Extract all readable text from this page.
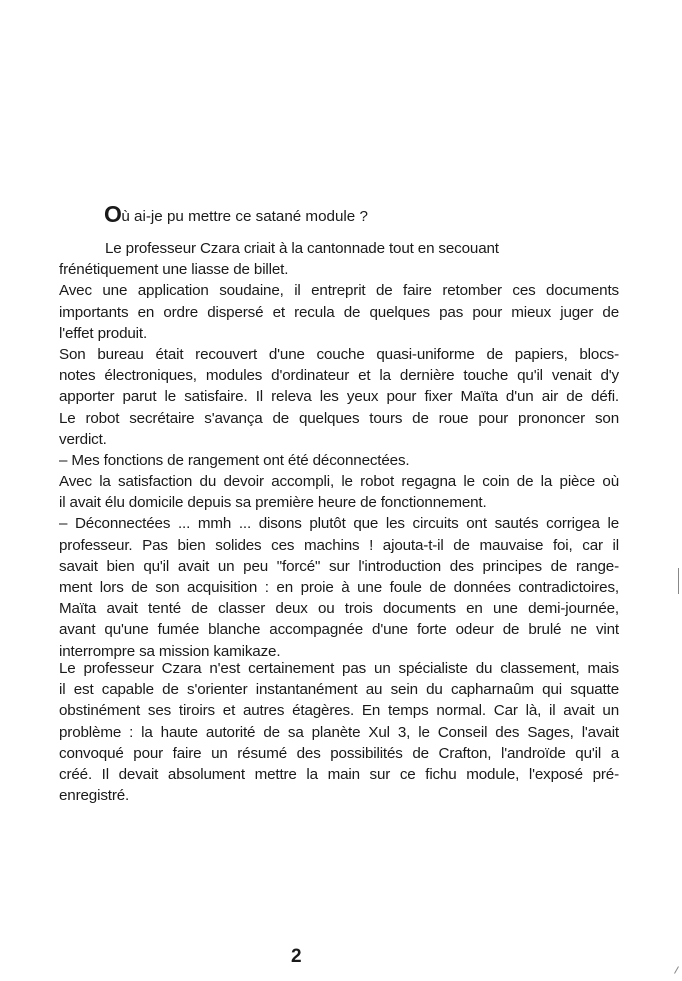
Où ai-je pu mettre ce satané module ?
Le professeur Czara criait à la cantonnade tout en secouant
frénétiquement une liasse de billet.
Avec une application soudaine, il entreprit de faire retomber ces documents
importants en ordre dispersé et recula de quelques pas pour mieux juger de
l'effet produit.
Son bureau était recouvert d'une couche quasi-uniforme de papiers, blocs-
notes électroniques, modules d'ordinateur et la dernière touche qu'il venait d'y
apporter parut le satisfaire. Il releva les yeux pour fixer Maïta d'un air de défi.
Le robot secrétaire s'avança de quelques tours de roue pour prononcer son
verdict.
– Mes fonctions de rangement ont été déconnectées.
Avec la satisfaction du devoir accompli, le robot regagna le coin de la pièce où
il avait élu domicile depuis sa première heure de fonctionnement.
– Déconnectées ... mmh ... disons plutôt que les circuits ont sautés corrigea le
professeur. Pas bien solides ces machins ! ajouta-t-il de mauvaise foi, car il
savait bien qu'il avait un peu "forcé" sur l'introduction des principes de range-
ment lors de son acquisition : en proie à une foule de données contradictoires,
Maïta avait tenté de classer deux ou trois documents en une demi-journée,
avant qu'une fumée blanche accompagnée d'une forte odeur de brulé ne vint
interrompre sa mission kamikaze.
Le professeur Czara n'est certainement pas un spécialiste du classement, mais
il est capable de s'orienter instantanément au sein du capharnaûm qui squatte
obstinément ses tiroirs et autres étagères. En temps normal. Car là, il avait un
problème : la haute autorité de sa planète Xul 3, le Conseil des Sages, l'avait
convoqué pour faire un résumé des possibilités de Crafton, l'androïde qu'il a
créé. Il devait absolument mettre la main sur ce fichu module, l'exposé pré-
enregistré.
2
